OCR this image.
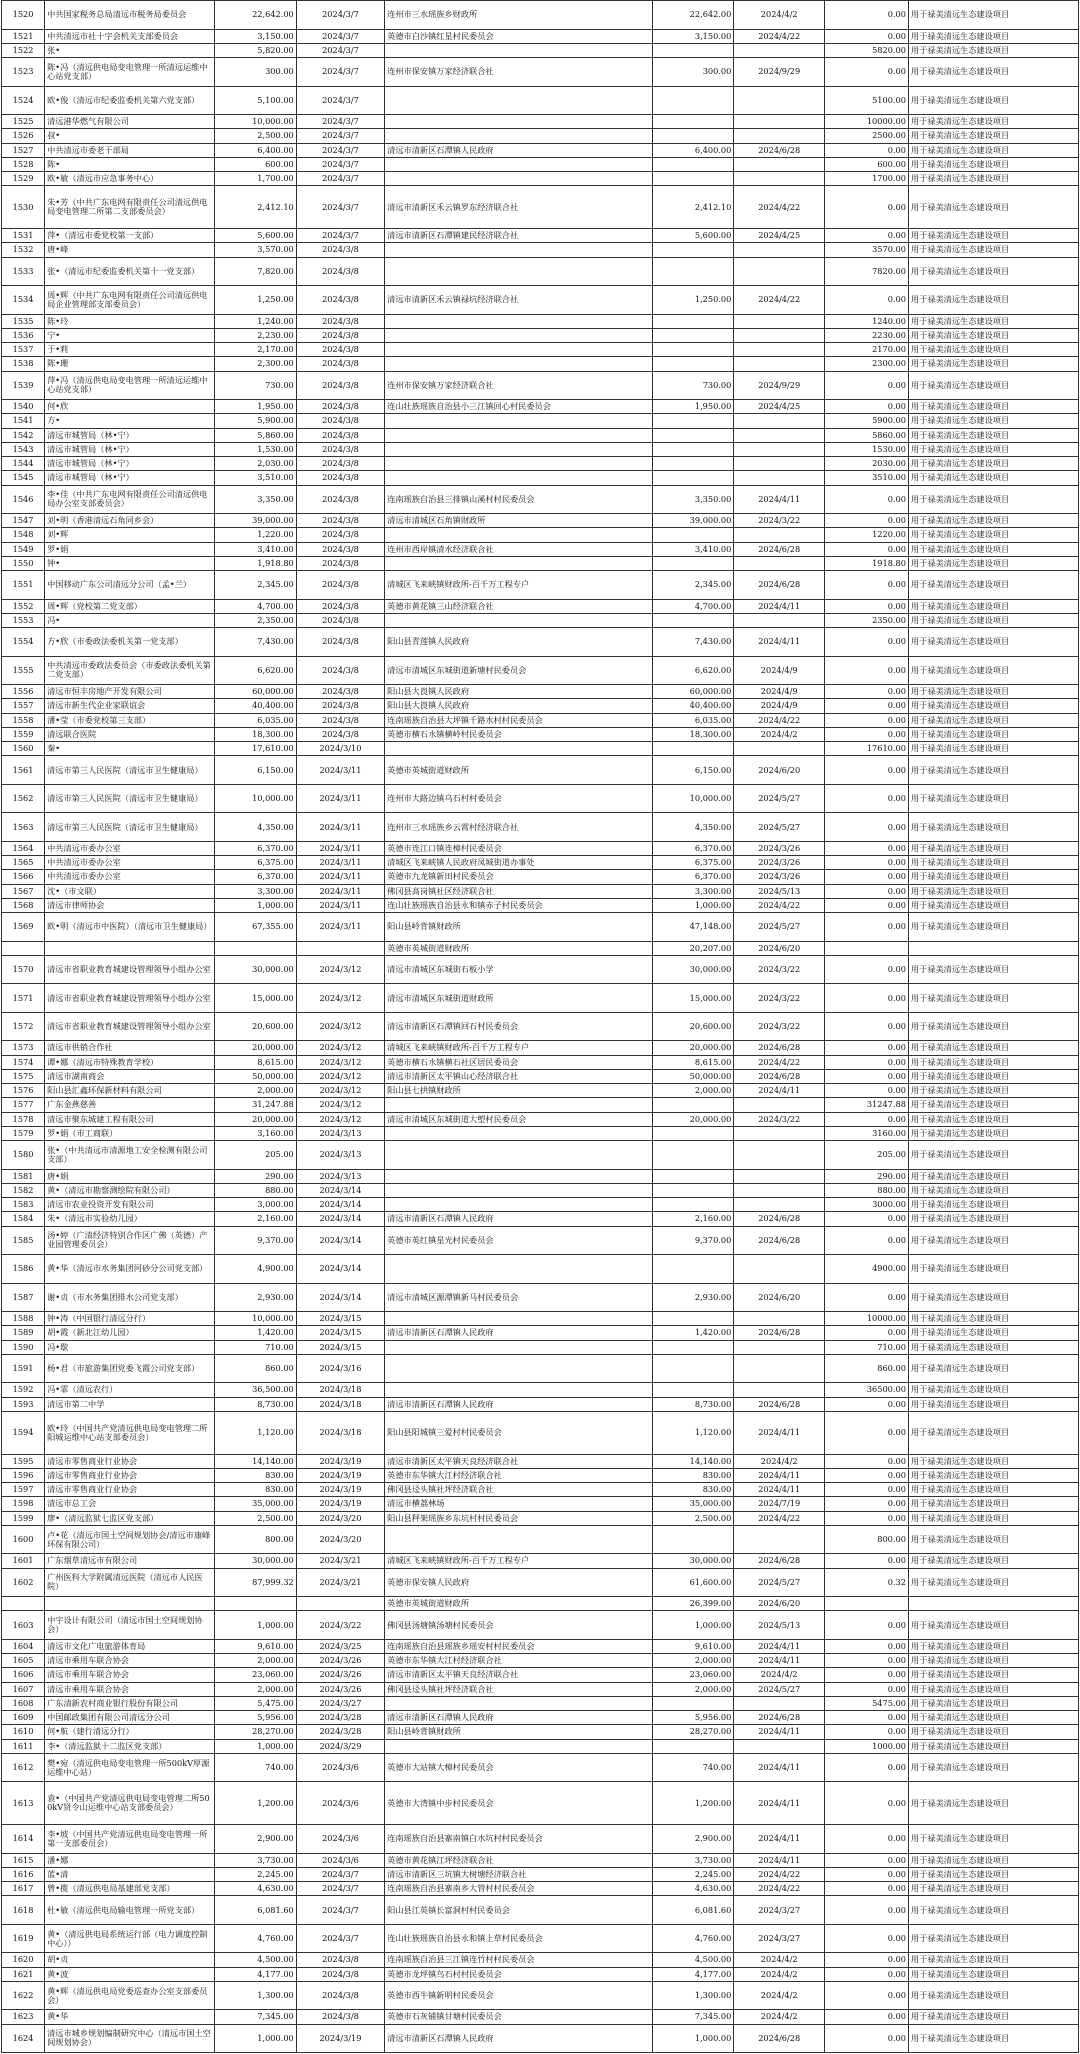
1520	中共国家税务总局清远市税务局委员会	22,642.00	2024/3/7	连州市三水瑶族乡财政所	22,642.00	2024/4/2	0.00	用于禄美清远生态建设项目
1521	中共清远市社十字会机关支部委员会	3,150.00	2024/3/7	英德市白沙镇红星村民委员会	3,150.00	2024/4/22	0.00	用于禄美清远生态建设项目
1522	张•	5,820.00	2024/3/7				5820.00	用于禄美清远生态建设项目
1523	陈•冯（清远供电局变电管理一所清远运维中心站党支部）	300.00	2024/3/7	连州市保安镇万家经济联合社	300.00	2024/9/29	0.00	用于禄美清远生态建设项目
1524	欧•俊（清远市纪委监委机关第六党支部）	5,100.00	2024/3/7				5100.00	用于禄美清远生态建设项目
1525	清远港华燃气有限公司	10,000.00	2024/3/7				10000.00	用于禄美清远生态建设项目
1526	叔•	2,500.00	2024/3/7				2500.00	用于禄美清远生态建设项目
1527	中共清远市委老干部局	6,400.00	2024/3/7	清远市清新区石潭镇人民政府	6,400.00	2024/6/28	0.00	用于禄美清远生态建设项目
1528	陈•	600.00	2024/3/7				600.00	用于禄美清远生态建设项目
1529	欧•敏（清远市应急事务中心）	1,700.00	2024/3/7				1700.00	用于禄美清远生态建设项目
1530	朱•芳（中共广东电网有限责任公司清远供电局变电管理二所第二支部委员会）	2,412.10	2024/3/7	清远市清新区禾云镇罗东经济联合社	2,412.10	2024/4/22	0.00	用于禄美清远生态建设项目
1531	萍•（清远市委党校第一支部）	5,600.00	2024/3/7	清远市清新区石潭镇建民经济联合社	5,600.00	2024/4/25	0.00	用于禄美清远生态建设项目
1532	唐•峰	3,570.00	2024/3/8				3570.00	用于禄美清远生态建设项目
1533	张•（清远市纪委监委机关第十一党支部）	7,820.00	2024/3/8				7820.00	用于禄美清远生态建设项目
1534	周•辉（中共广东电网有限责任公司清远供电局企业管理部支部委员会）	1,250.00	2024/3/8	清远市清新区禾云镇禄坑经济联合社	1,250.00	2024/4/22	0.00	用于禄美清远生态建设项目
1535	陈•玲	1,240.00	2024/3/8				1240.00	用于禄美清远生态建设项目
1536	宁•	2,230.00	2024/3/8				2230.00	用于禄美清远生态建设项目
1537	于•莉	2,170.00	2024/3/8				2170.00	用于禄美清远生态建设项目
1538	陈•珊	2,300.00	2024/3/8				2300.00	用于禄美清远生态建设项目
1539	萍•冯（清远供电局变电管理一所清远运维中心站党支部）	730.00	2024/3/8	连州市保安镇万家经济联合社	730.00	2024/9/29	0.00	用于禄美清远生态建设项目
1540	何•欣	1,950.00	2024/3/8	连山壮族瑶族自治县小三江镇回心村民委员会	1,950.00	2024/4/25	0.00	用于禄美清远生态建设项目
1541	方•	5,900.00	2024/3/8				5900.00	用于禄美清远生态建设项目
1542	清远市城管局（林•宁）	5,860.00	2024/3/8				5860.00	用于禄美清远生态建设项目
1543	清远市城管局（林•宁）	1,530.00	2024/3/8				1530.00	用于禄美清远生态建设项目
1544	清远市城管局（林•宁）	2,030.00	2024/3/8				2030.00	用于禄美清远生态建设项目
1545	清远市城管局（林•宁）	3,510.00	2024/3/8				3510.00	用于禄美清远生态建设项目
1546	李•佳（中共广东电网有限责任公司清远供电局办公室支部委员会）	3,350.00	2024/3/8	连南瑶族自治县三排镇山溪村村民委员会	3,350.00	2024/4/11	0.00	用于禄美清远生态建设项目
1547	刘•明（香港清远石角同乡会）	39,000.00	2024/3/8	清远市清城区石角镇财政所	39,000.00	2024/3/22	0.00	用于禄美清远生态建设项目
1548	刘•辉	1,220.00	2024/3/8				1220.00	用于禄美清远生态建设项目
1549	罗•娟	3,410.00	2024/3/8	连州市西岸镇清水经济联合社	3,410.00	2024/6/28	0.00	用于禄美清远生态建设项目
1550	钟•	1,918.80	2024/3/8				1918.80	用于禄美清远生态建设项目
1551	中国移动广东公司清远分公司（孟•兰）	2,345.00	2024/3/8	清城区飞来峡镇财政所-百千万工程专户	2,345.00	2024/6/28	0.00	用于禄美清远生态建设项目
1552	周•辉（党校第二党支部）	4,700.00	2024/3/8	英德市黄花镇三山经济联合社	4,700.00	2024/4/11	0.00	用于禄美清远生态建设项目
1553	冯•	2,350.00	2024/3/8				2350.00	用于禄美清远生态建设项目
1554	方•欣（市委政法委机关第一党支部）	7,430.00	2024/3/8	阳山县青莲镇人民政府	7,430.00	2024/4/11	0.00	用于禄美清远生态建设项目
1555	中共清远市委政法委员会（市委政法委机关第二党支部）	6,620.00	2024/3/8	清远市清城区东城街道新塘村民委员会	6,620.00	2024/4/9	0.00	用于禄美清远生态建设项目
1556	清远市恒丰房地产开发有限公司	60,000.00	2024/3/8	阳山县大崀镇人民政府	60,000.00	2024/4/9	0.00	用于禄美清远生态建设项目
1557	清远市新生代企业家联谊会	40,400.00	2024/3/8	阳山县大崀镇人民政府	40,400.00	2024/4/9	0.00	用于禄美清远生态建设项目
1558	潘•莹（市委党校第三支部）	6,035.00	2024/3/8	连南瑶族自治县大坪镇千路水村村民委员会	6,035.00	2024/4/22	0.00	用于禄美清远生态建设项目
1559	清远联合医院	18,300.00	2024/3/8	英德市横石水镇横岭村民委员会	18,300.00	2024/4/2	0.00	用于禄美清远生态建设项目
1560	秦•	17,610.00	2024/3/10				17610.00	用于禄美清远生态建设项目
1561	清远市第三人民医院（清远市卫生健康局）	6,150.00	2024/3/11	英德市英城街道财政所	6,150.00	2024/6/20	0.00	用于禄美清远生态建设项目
1562	清远市第三人民医院（清远市卫生健康局）	10,000.00	2024/3/11	连州市大路边镇乌石村村委员会	10,000.00	2024/5/27	0.00	用于禄美清远生态建设项目
1563	清远市第三人民医院（清远市卫生健康局）	4,350.00	2024/3/11	连州市三水瑶族乡云霄村经济联合社	4,350.00	2024/5/27	0.00	用于禄美清远生态建设项目
1564	中共清远市委办公室	6,370.00	2024/3/11	英德市连江口镇连樟村民委员会	6,370.00	2024/3/26	0.00	用于禄美清远生态建设项目
1565	中共清远市委办公室	6,375.00	2024/3/11	清城区飞来峡镇人民政府凤城街道办事处	6,375.00	2024/3/26	0.00	用于禄美清远生态建设项目
1566	中共清远市委办公室	6,370.00	2024/3/11	英德市九龙镇新田村民委员会	6,370.00	2024/3/26	0.00	用于禄美清远生态建设项目
1567	沈•（市文联）	3,300.00	2024/3/11	佛冈县高岗镇社区经济联合社	3,300.00	2024/5/13	0.00	用于禄美清远生态建设项目
1568	清远市律师协会	1,000.00	2024/3/11	连山壮族瑶族自治县永和镇赤子村民委员会	1,000.00	2024/4/22	0.00	用于禄美清远生态建设项目
1569	欧•明（清远市中医院）（清远市卫生健康局）	67,355.00	2024/3/11	阳山县岭背镇财政所	47,148.00	2024/5/27	0.00	用于禄美清远生态建设项目
				英德市英城街道财政所	20,207.00	2024/6/20		
1570	清远市省职业教育城建设管理领导小组办公室	30,000.00	2024/3/12	清远市清城区东城街石板小学	30,000.00	2024/3/22	0.00	用于禄美清远生态建设项目
1571	清远市省职业教育城建设管理领导小组办公室	15,000.00	2024/3/12	清远市清城区东城街道财政所	15,000.00	2024/3/22	0.00	用于禄美清远生态建设项目
1572	清远市省职业教育城建设管理领导小组办公室	20,600.00	2024/3/12	清远市清新区石潭镇回石村民委员会	20,600.00	2024/3/22	0.00	用于禄美清远生态建设项目
1573	清远市供销合作社	20,000.00	2024/3/12	清城区飞来峡镇财政所-百千万工程专户	20,000.00	2024/6/28	0.00	用于禄美清远生态建设项目
1574	谭•娜（清远市特殊教育学校）	8,615.00	2024/3/12	英德市横石水镇横石社区居民委员会	8,615.00	2024/4/22	0.00	用于禄美清远生态建设项目
1575	清远市湖南商会	50,000.00	2024/3/12	清远市清新区太平镇山心经济联合社	50,000.00	2024/6/28	0.00	用于禄美清远生态建设项目
1576	阳山县汇鑫环保新材料有限公司	2,000.00	2024/3/12	阳山县七拱镇财政所	2,000.00	2024/4/11	0.00	用于禄美清远生态建设项目
1577	广东金燕慈善	31,247.88	2024/3/12				31247.88	用于禄美清远生态建设项目
1578	清远市聚东城建工程有限公司	20,000.00	2024/3/12	清远市清城区东城街道大塱村民委员会	20,000.00	2024/3/22	0.00	用于禄美清远生态建设项目
1579	罗•娟（市工商联）	3,160.00	2024/3/13				3160.00	用于禄美清远生态建设项目
1580	张•（中共清远市清源地工安全检测有限公司支部）	205.00	2024/3/13				205.00	用于禄美清远生态建设项目
1581	唐•娟	290.00	2024/3/13				290.00	用于禄美清远生态建设项目
1582	黄•（清远市勘察测绘院有限公司）	880.00	2024/3/14				880.00	用于禄美清远生态建设项目
1583	清远市农业投资开发有限公司	3,000.00	2024/3/14				3000.00	用于禄美清远生态建设项目
1584	朱•（清远市实验幼儿园）	2,160.00	2024/3/14	清远市清新区石潭镇人民政府	2,160.00	2024/6/28	0.00	用于禄美清远生态建设项目
1585	汤•婷（广清经济特别合作区广佛（英德）产业园管理委员会）	9,370.00	2024/3/14	英德市英红镇星光村民委员会	9,370.00	2024/6/28	0.00	用于禄美清远生态建设项目
1586	黄•华（清远市水务集团河砂分公司党支部）	4,900.00	2024/3/14				4900.00	用于禄美清远生态建设项目
1587	谢•贞（市水务集团排水公司党支部）	2,930.00	2024/3/14	清远市清城区源潭镇新马村民委员会	2,930.00	2024/6/20	0.00	用于禄美清远生态建设项目
1588	钟•涛（中国银行清远分行）	10,000.00	2024/3/15				10000.00	用于禄美清远生态建设项目
1589	胡•霞（新北江幼儿园）	1,420.00	2024/3/15	清远市清新区石潭镇人民政府	1,420.00	2024/6/28	0.00	用于禄美清远生态建设项目
1590	冯•歇	710.00	2024/3/15				710.00	用于禄美清远生态建设项目
1591	杨•君（市旅游集团党委飞霞公司党支部）	860.00	2024/3/16				860.00	用于禄美清远生态建设项目
1592	冯•霏（清远农行）	36,500.00	2024/3/18				36500.00	用于禄美清远生态建设项目
1593	清远市第二中学	8,730.00	2024/3/18	清远市清新区石潭镇人民政府	8,730.00	2024/6/28	0.00	用于禄美清远生态建设项目
1594	欧•玲（中国共产党清远供电局变电管理二所阳城运维中心站支部委员会）	1,120.00	2024/3/18	阳山县阳城镇三爱村村民委员会	1,120.00	2024/4/11	0.00	用于禄美清远生态建设项目
1595	清远市零售商业行业协会	14,140.00	2024/3/19	清远市清新区太平镇天良经济联合社	14,140.00	2024/4/2	0.00	用于禄美清远生态建设项目
1596	清远市零售商业行业协会	830.00	2024/3/19	英德市东华镇大江村经济联合社	830.00	2024/4/11	0.00	用于禄美清远生态建设项目
1597	清远市零售商业行业协会	830.00	2024/3/19	佛冈县迳头镇社坪经济联合社	830.00	2024/4/11	0.00	用于禄美清远生态建设项目
1598	清远市总工会	35,000.00	2024/3/19	清远市横荔林场	35,000.00	2024/7/19	0.00	用于禄美清远生态建设项目
1599	廖•（清远监狱七监区党支部）	2,500.00	2024/3/20	阳山县秤架瑶族乡东坑村村民委员会	2,500.00	2024/4/22	0.00	用于禄美清远生态建设项目
1600	卢•花（清远市国土空间规划协会/清远市康峰环保有限公司）	800.00	2024/3/20				800.00	用于禄美清远生态建设项目
1601	广东烟草清远市有限公司	30,000.00	2024/3/21	清城区飞来峡镇财政所-百千万工程专户	30,000.00	2024/6/28	0.00	用于禄美清远生态建设项目
1602	广州医科大学附属清远医院（清远市人民医院）	87,999.32	2024/3/21	英德市保安镇人民政府	61,600.00	2024/5/27	0.32	用于禄美清远生态建设项目
				英德市英城街道财政所	26,399.00	2024/6/20		
1603	中宇设计有限公司（清远市国土空间规划协会）	1,000.00	2024/3/22	佛冈县汤塘镇汤塘村民委员会	1,000.00	2024/5/13	0.00	用于禄美清远生态建设项目
1604	清远市文化广电旅游体育局	9,610.00	2024/3/25	连南瑶族自治县瑶族乡瑶安村村民委员会	9,610.00	2024/4/11	0.00	用于禄美清远生态建设项目
1605	清远市乘用车联合协会	2,000.00	2024/3/26	英德市东华镇大江村经济联合社	2,000.00	2024/4/11	0.00	用于禄美清远生态建设项目
1606	清远市乘用车联合协会	23,060.00	2024/3/26	清远市清新区太平镇天良经济联合社	23,060.00	2024/4/2	0.00	用于禄美清远生态建设项目
1607	清远市乘用车联合协会	2,000.00	2024/3/26	佛冈县迳头镇社坪经济联合社	2,000.00	2024/5/27	0.00	用于禄美清远生态建设项目
1608	广东清新农村商业银行股份有限公司	5,475.00	2024/3/27				5475.00	用于禄美清远生态建设项目
1609	中国邮政集团有限公司清远分公司	5,956.00	2024/3/28	清远市清新区石潭镇人民政府	5,956.00	2024/6/28	0.00	用于禄美清远生态建设项目
1610	何•航（建行清远分行）	28,270.00	2024/3/28	阳山县岭背镇财政所	28,270.00	2024/4/11	0.00	用于禄美清远生态建设项目
1611	李•（清远监狱十二监区党支部）	1,000.00	2024/3/29				1000.00	用于禄美清远生态建设项目
1612	樊•宛（清远供电局变电管理一所500kV厚源运维中心站）	740.00	2024/3/6	英德市大站镇大樟村民委员会	740.00	2024/4/11	0.00	用于禄美清远生态建设项目
1613	袁•（中国共产党清远供电局变电管理二所500kV贤令山运维中心站支部委员会）	1,200.00	2024/3/6	英德市大湾镇中步村民委员会	1,200.00	2024/4/11	0.00	用于禄美清远生态建设项目
1614	李•坡（中国共产党清远供电局变电管理一所第一支部委员会）	2,900.00	2024/3/6	连南瑶族自治县寨南镇白水坑村村民委员会	2,900.00	2024/4/11	0.00	用于禄美清远生态建设项目
1615	潘•娜	3,730.00	2024/3/6	英德市黄花镇江坪经济联合社	3,730.00	2024/4/11	0.00	用于禄美清远生态建设项目
1616	蓝•清	2,245.00	2024/3/7	清远市清新区三坑镇大树塘经济联合社	2,245.00	2024/4/22	0.00	用于禄美清远生态建设项目
1617	曾•揽（清远供电局基建部党支部）	4,630.00	2024/3/7	连南瑶族自治县寨南乡大管村村民委员会	4,630.00	2024/4/22	0.00	用于禄美清远生态建设项目
1618	杜•敏（清远供电局输电管理一所党支部）	6,081.60	2024/3/7	阳山县江英镇长富洞村村民委员会	6,081.60	2024/3/27	0.00	用于禄美清远生态建设项目
1619	黄•（清远供电局系统运行部（电力调度控制中心））	4,760.00	2024/3/7	连山壮族瑶族自治县永和镇上草村民委员会	4,760.00	2024/3/27	0.00	用于禄美清远生态建设项目
1620	胡•贞	4,500.00	2024/3/8	连南瑶族自治县三江镇连竹村村民委员会	4,500.00	2024/4/2	0.00	用于禄美清远生态建设项目
1621	黄•波	4,177.00	2024/3/8	英德市龙坪镇鸟石村村民委员会	4,177.00	2024/4/2	0.00	用于禄美清远生态建设项目
1622	黄•辉（清远供电局党委巡查办公室支部委员会）	1,300.00	2024/3/8	英德市西牛镇新明村民委员会	1,300.00	2024/4/2	0.00	用于禄美清远生态建设项目
1623	黄•华	7,345.00	2024/3/8	英德市石灰铺镇甘塘村民委员会	7,345.00	2024/4/2	0.00	用于禄美清远生态建设项目
1624	清远市城乡规划编制研究中心（清远市国土空间规划协会）	1,000.00	2024/3/19	清远市清新区石潭镇人民政府	1,000.00	2024/6/28	0.00	用于禄美清远生态建设项目
